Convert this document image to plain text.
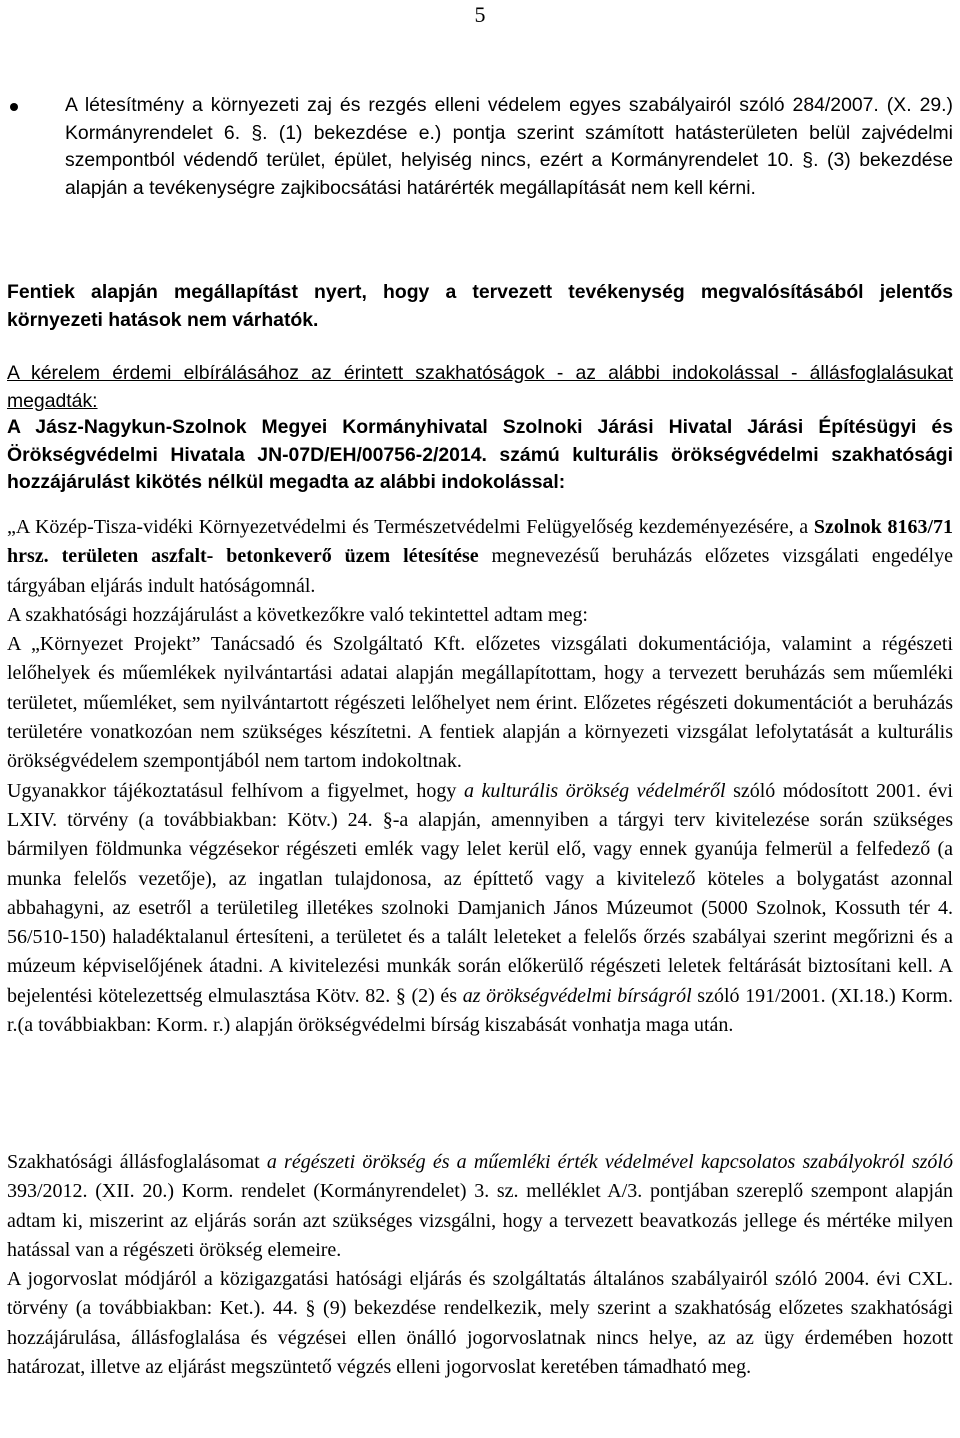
5
A létesítmény a környezeti zaj és rezgés elleni védelem egyes szabályairól szóló 284/2007. (X. 29.) Kormányrendelet 6. §. (1) bekezdése e.) pontja szerint számított hatásterületen belül zajvédelmi szempontból védendő terület, épület, helyiség nincs, ezért a Kormányrendelet 10. §. (3) bekezdése alapján a tevékenységre zajkibocsátási határérték megállapítását nem kell kérni.
Fentiek alapján megállapítást nyert, hogy a tervezett tevékenység megvalósításából jelentős környezeti hatások nem várhatók.
A kérelem érdemi elbírálásához az érintett szakhatóságok - az alábbi indokolással - állásfoglalásukat megadták:
A Jász-Nagykun-Szolnok Megyei Kormányhivatal Szolnoki Járási Hivatal Járási Építésügyi és Örökségvédelmi Hivatala JN-07D/EH/00756-2/2014. számú kulturális örökségvédelmi szakhatósági hozzájárulást kikötés nélkül megadta az alábbi indokolással:

„A Közép-Tisza-vidéki Környezetvédelmi és Természetvédelmi Felügyelőség kezdeményezésére, a Szolnok 8163/71 hrsz. területen aszfalt- betonkeverő üzem létesítése megnevezésű beruházás előzetes vizsgálati engedélye tárgyában eljárás indult hatóságomnál.

A szakhatósági hozzájárulást a következőkre való tekintettel adtam meg:

A „Környezet Projekt” Tanácsadó és Szolgáltató Kft. előzetes vizsgálati dokumentációja, valamint a régészeti lelőhelyek és műemlékek nyilvántartási adatai alapján megállapítottam, hogy a tervezett beruházás sem műemléki területet, műemléket, sem nyilvántartott régészeti lelőhelyet nem érint. Előzetes régészeti dokumentációt a beruházás területére vonatkozóan nem szükséges készítetni. A fentiek alapján a környezeti vizsgálat lefolytatását a kulturális örökségvédelem szempontjából nem tartom indokoltnak.

Ugyanakkor tájékoztatásul felhívom a figyelmet, hogy a kulturális örökség védelméről szóló módosított 2001. évi LXIV. törvény (a továbbiakban: Kötv.) 24. §-a alapján, amennyiben a tárgyi terv kivitelezése során szükséges bármilyen földmunka végzésekor régészeti emlék vagy lelet kerül elő, vagy ennek gyanúja felmerül a felfedező (a munka felelős vezetője), az ingatlan tulajdonosa, az építtető vagy a kivitelező köteles a bolygatást azonnal abbahagyni, az esetről a területileg illetékes szolnoki Damjanich János Múzeumot (5000 Szolnok, Kossuth tér 4. 56/510-150) haladéktalanul értesíteni, a területet és a talált leleteket a felelős őrzés szabályai szerint megőrizni és a múzeum képviselőjének átadni. A kivitelezési munkák során előkerülő régészeti leletek feltárását biztosítani kell. A bejelentési kötelezettség elmulasztása Kötv. 82. § (2) és az örökségvédelmi bírságról szóló 191/2001. (XI.18.) Korm. r.(a továbbiakban: Korm. r.) alapján örökségvédelmi bírság kiszabását vonhatja maga után.

Szakhatósági állásfoglalásomat a régészeti örökség és a műemléki érték védelmével kapcsolatos szabályokról szóló 393/2012. (XII. 20.) Korm. rendelet (Kormányrendelet) 3. sz. melléklet A/3. pontjában szereplő szempont alapján adtam ki, miszerint az eljárás során azt szükséges vizsgálni, hogy a tervezett beavatkozás jellege és mértéke milyen hatással van a régészeti örökség elemeire.

A jogorvoslat módjáról a közigazgatási hatósági eljárás és szolgáltatás általános szabályairól szóló 2004. évi CXL. törvény (a továbbiakban: Ket.). 44. § (9) bekezdése rendelkezik, mely szerint a szakhatóság előzetes szakhatósági hozzájárulása, állásfoglalása és végzései ellen önálló jogorvoslatnak nincs helye, az az ügy érdemében hozott határozat, illetve az eljárást megszüntető végzés elleni jogorvoslat keretében támadható meg.
